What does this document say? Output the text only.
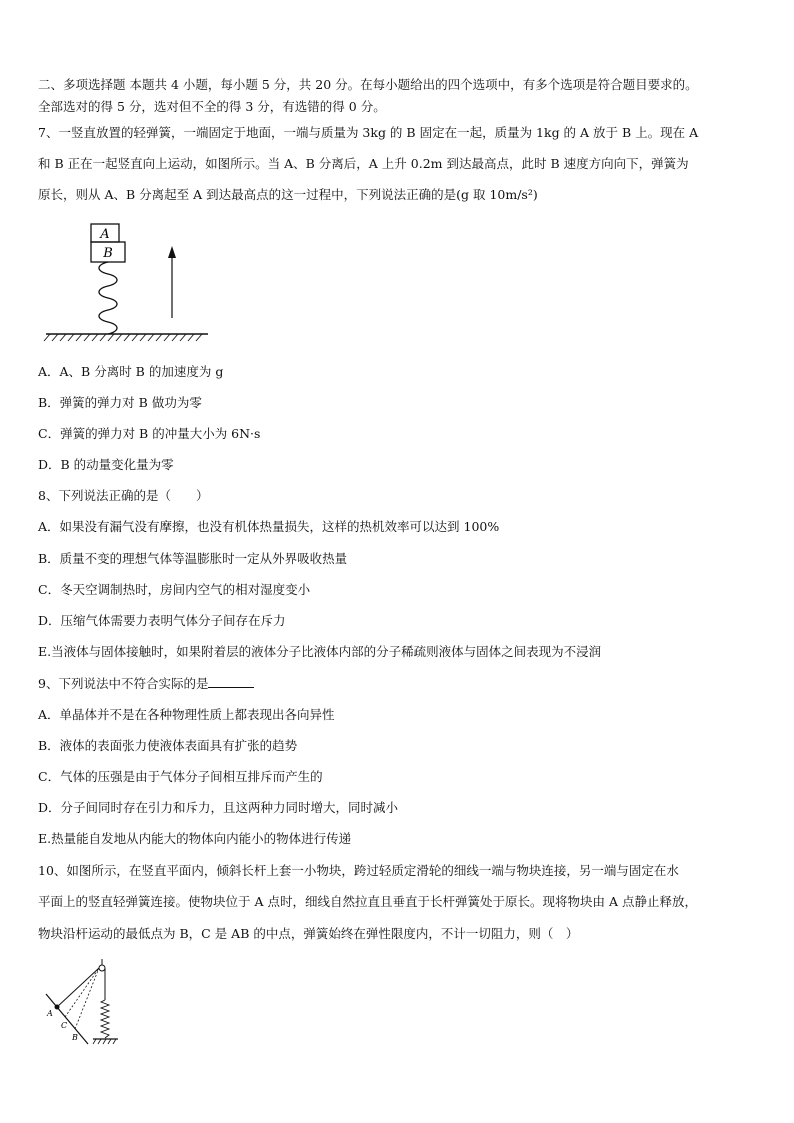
二、多项选择题 本题共 4 小题，每小题 5 分，共 20 分。在每小题给出的四个选项中，有多个选项是符合题目要求的。
全部选对的得 5 分，选对但不全的得 3 分，有选错的得 0 分。
7、一竖直放置的轻弹簧，一端固定于地面，一端与质量为 3kg 的 B 固定在一起，质量为 1kg 的 A 放于 B 上。现在 A
和 B 正在一起竖直向上运动，如图所示。当 A、B 分离后，A 上升 0.2m 到达最高点，此时 B 速度方向向下，弹簧为
原长，则从 A、B 分离起至 A 到达最高点的这一过程中，下列说法正确的是(g 取 10m/s²)
A
B
A．A、B 分离时 B 的加速度为 g
B．弹簧的弹力对 B 做功为零
C．弹簧的弹力对 B 的冲量大小为 6N·s
D．B 的动量变化量为零
8、下列说法正确的是（　　）
A．如果没有漏气没有摩擦，也没有机体热量损失，这样的热机效率可以达到 100%
B．质量不变的理想气体等温膨胀时一定从外界吸收热量
C．冬天空调制热时，房间内空气的相对湿度变小
D．压缩气体需要力表明气体分子间存在斥力
E.当液体与固体接触时，如果附着层的液体分子比液体内部的分子稀疏则液体与固体之间表现为不浸润
9、下列说法中不符合实际的是
A．单晶体并不是在各种物理性质上都表现出各向异性
B．液体的表面张力使液体表面具有扩张的趋势
C．气体的压强是由于气体分子间相互排斥而产生的
D．分子间同时存在引力和斥力，且这两种力同时增大，同时减小
E.热量能自发地从内能大的物体向内能小的物体进行传递
10、如图所示，在竖直平面内，倾斜长杆上套一小物块，跨过轻质定滑轮的细线一端与物块连接，另一端与固定在水
平面上的竖直轻弹簧连接。使物块位于 A 点时，细线自然拉直且垂直于长杆弹簧处于原长。现将物块由 A 点静止释放，
物块沿杆运动的最低点为 B，C 是 AB 的中点，弹簧始终在弹性限度内，不计一切阻力，则（　）
A
C
B
